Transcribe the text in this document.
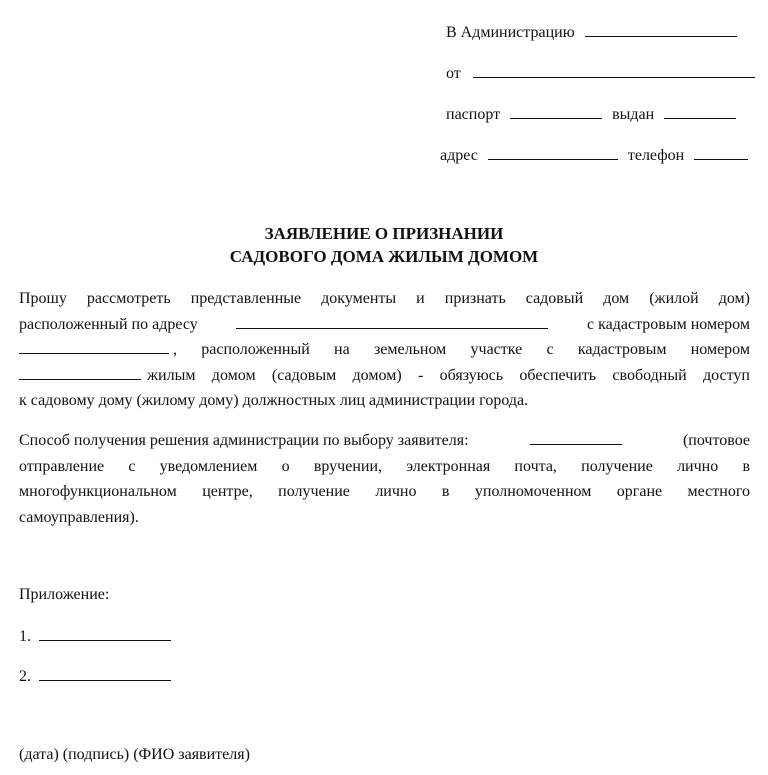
В Администрацию
от
паспорт	выдан
адрес	телефон
ЗАЯВЛЕНИЕ О ПРИЗНАНИИ
САДОВОГО ДОМА ЖИЛЫМ ДОМОМ
Прошу рассмотреть представленные документы и признать садовый дом (жилой дом)
расположенный по адресу	с кадастровым номером
, расположенный на земельном участке с кадастровым номером
жилым домом (садовым домом) - обязуюсь обеспечить свободный доступ
к садовому дому (жилому дому) должностных лиц администрации города.
Способ получения решения администрации по выбору заявителя:	(почтовое
отправление с уведомлением о вручении, электронная почта, получение лично в
многофункциональном центре, получение лично в уполномоченном органе местного
самоуправления).
Приложение:
1.
2.
(дата) (подпись) (ФИО заявителя)
